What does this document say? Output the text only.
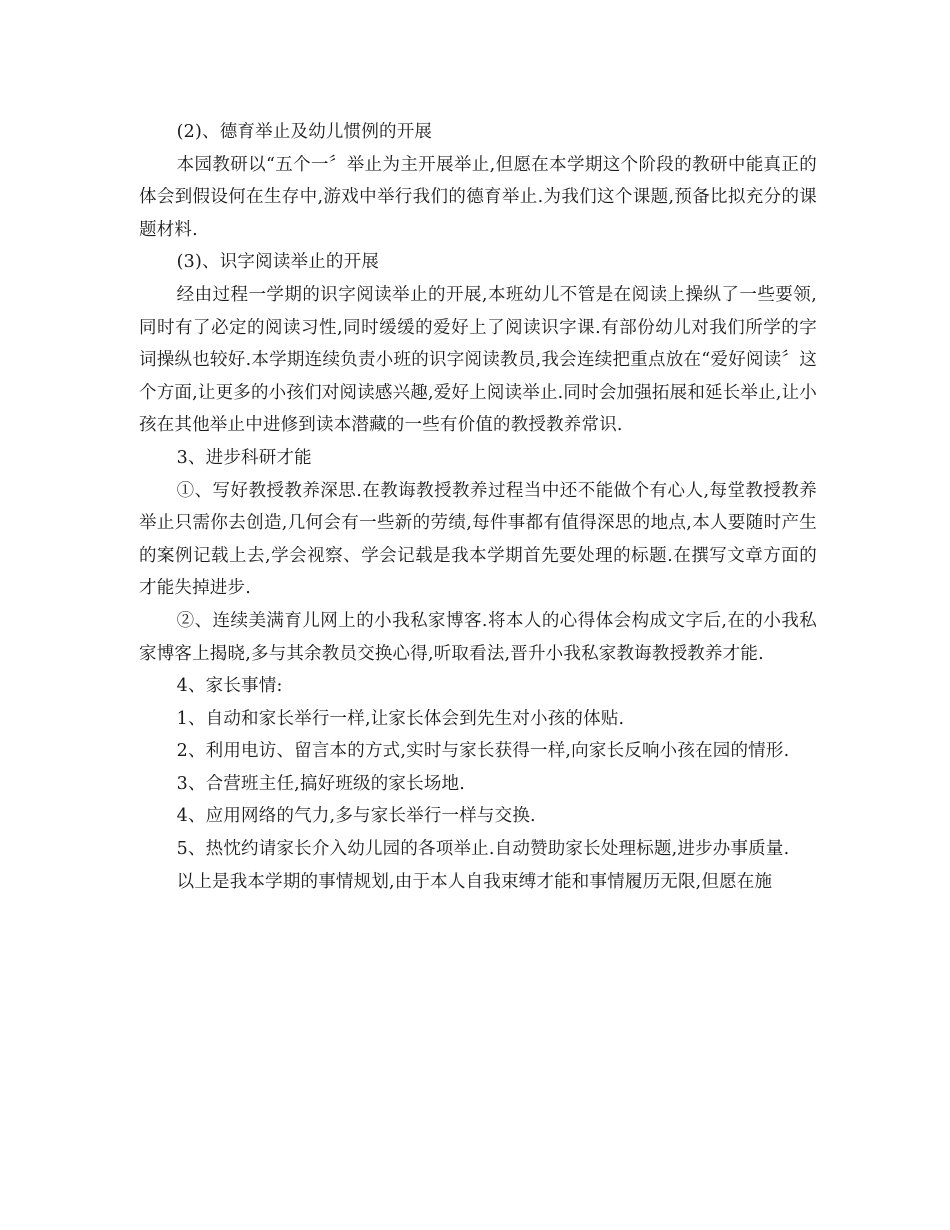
(2)、德育举止及幼儿惯例的开展

本园教研以“五个一〞举止为主开展举止,但愿在本学期这个阶段的教研中能真正的体会到假设何在生存中,游戏中举行我们的德育举止.为我们这个课题,预备比拟充分的课题材料.

(3)、识字阅读举止的开展

经由过程一学期的识字阅读举止的开展,本班幼儿不管是在阅读上操纵了一些要领,同时有了必定的阅读习性,同时缓缓的爱好上了阅读识字课.有部份幼儿对我们所学的字词操纵也较好.本学期连续负责小班的识字阅读教员,我会连续把重点放在“爱好阅读〞这个方面,让更多的小孩们对阅读感兴趣,爱好上阅读举止.同时会加强拓展和延长举止,让小孩在其他举止中进修到读本潜藏的一些有价值的教授教养常识.

3、进步科研才能

①、写好教授教养深思.在教诲教授教养过程当中还不能做个有心人,每堂教授教养举止只需你去创造,几何会有一些新的劳绩,每件事都有值得深思的地点,本人要随时产生的案例记载上去,学会视察、学会记载是我本学期首先要处理的标题.在撰写文章方面的才能失掉进步.

②、连续美满育儿网上的小我私家博客.将本人的心得体会构成文字后,在的小我私家博客上揭晓,多与其余教员交换心得,听取看法,晋升小我私家教诲教授教养才能.

4、家长事情:

1、自动和家长举行一样,让家长体会到先生对小孩的体贴.

2、利用电访、留言本的方式,实时与家长获得一样,向家长反响小孩在园的情形.

3、合营班主任,搞好班级的家长场地.

4、应用网络的气力,多与家长举行一样与交换.

5、热忱约请家长介入幼儿园的各项举止.自动赞助家长处理标题,进步办事质量.

以上是我本学期的事情规划,由于本人自我束缚才能和事情履历无限,但愿在施
